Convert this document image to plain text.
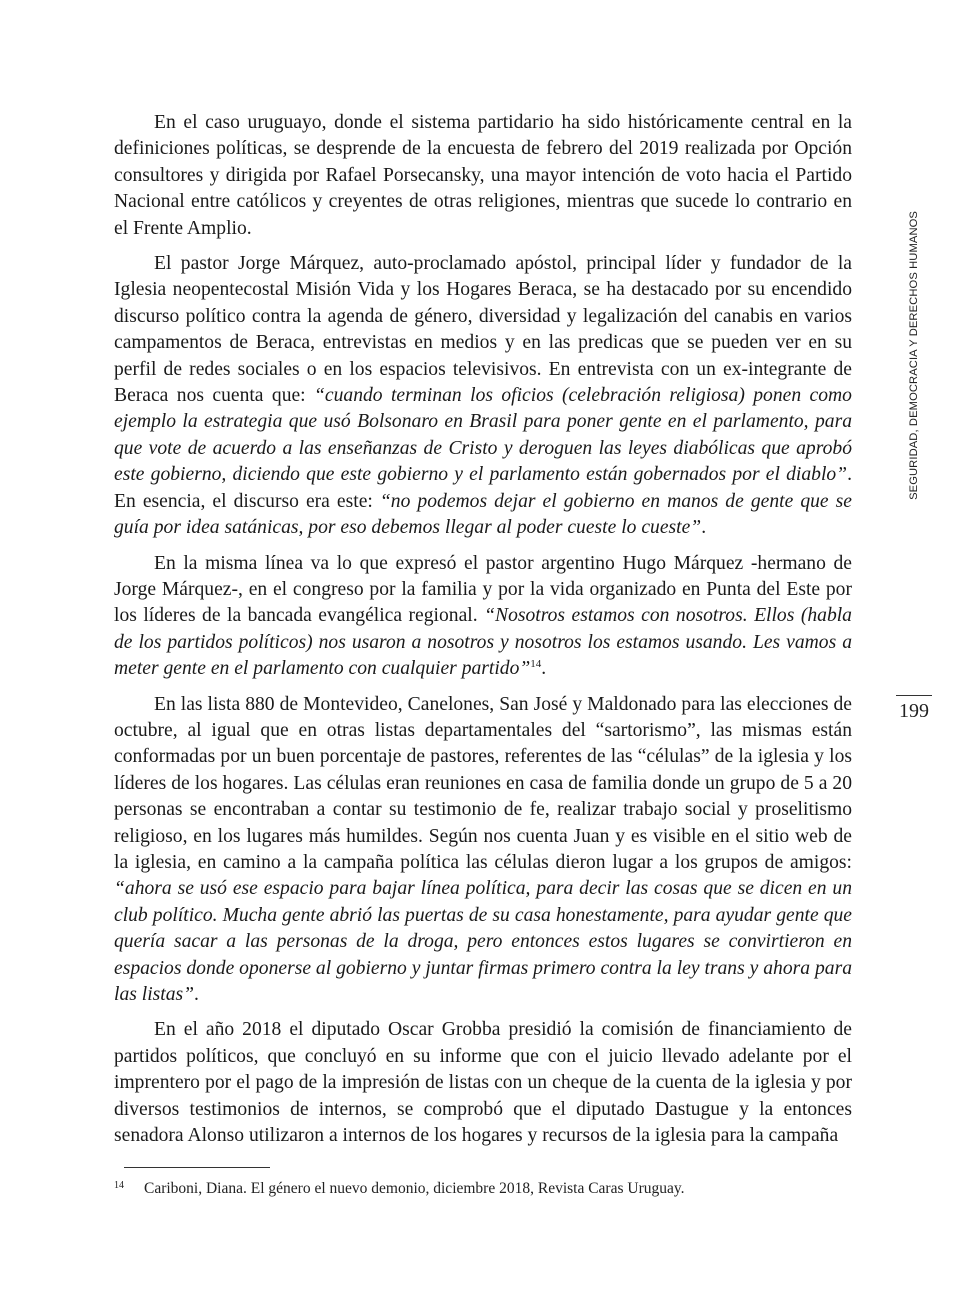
En el caso uruguayo, donde el sistema partidario ha sido históricamente central en la definiciones políticas, se desprende de la encuesta de febrero del 2019 realizada por Opción consultores y dirigida por Rafael Porsecansky, una mayor intención de voto hacia el Partido Nacional entre católicos y creyentes de otras religiones, mientras que sucede lo contrario en el Frente Amplio.

El pastor Jorge Márquez, auto-proclamado apóstol, principal líder y fundador de la Iglesia neopentecostal Misión Vida y los Hogares Beraca, se ha destacado por su encendido discurso político contra la agenda de género, diversidad y legalización del canabis en varios campamentos de Beraca, entrevistas en medios y en las predicas que se pueden ver en su perfil de redes sociales o en los espacios televisivos. En entrevista con un ex-integrante de Beraca nos cuenta que: “cuando terminan los oficios (celebración religiosa) ponen como ejemplo la estrategia que usó Bolsonaro en Brasil para poner gente en el parlamento, para que vote de acuerdo a las enseñanzas de Cristo y deroguen las leyes diabólicas que aprobó este gobierno, diciendo que este gobierno y el parlamento están gobernados por el diablo”. En esencia, el discurso era este: “no podemos dejar el gobierno en manos de gente que se guía por idea satánicas, por eso debemos llegar al poder cueste lo cueste”.

En la misma línea va lo que expresó el pastor argentino Hugo Márquez -hermano de Jorge Márquez-, en el congreso por la familia y por la vida organizado en Punta del Este por los líderes de la bancada evangélica regional. “Nosotros estamos con nosotros. Ellos (habla de los partidos políticos) nos usaron a nosotros y nosotros los estamos usando. Les vamos a meter gente en el parlamento con cualquier partido”$^{14}$.

En las lista 880 de Montevideo, Canelones, San José y Maldonado para las elecciones de octubre, al igual que en otras listas departamentales del “sartorismo”, las mismas están conformadas por un buen porcentaje de pastores, referentes de las “células” de la iglesia y los líderes de los hogares. Las células eran reuniones en casa de familia donde un grupo de 5 a 20 personas se encontraban a contar su testimonio de fe, realizar trabajo social y proselitismo religioso, en los lugares más humildes. Según nos cuenta Juan y es visible en el sitio web de la iglesia, en camino a la campaña política las células dieron lugar a los grupos de amigos: “ahora se usó ese espacio para bajar línea política, para decir las cosas que se dicen en un club político. Mucha gente abrió las puertas de su casa honestamente, para ayudar gente que quería sacar a las personas de la droga, pero entonces estos lugares se convirtieron en espacios donde oponerse al gobierno y juntar firmas primero contra la ley trans y ahora para las listas”.

En el año 2018 el diputado Oscar Grobba presidió la comisión de financiamiento de partidos políticos, que concluyó en su informe que con el juicio llevado adelante por el imprentero por el pago de la impresión de listas con un cheque de la cuenta de la iglesia y por diversos testimonios de internos, se comprobó que el diputado Dastugue y la entonces senadora Alonso utilizaron a internos de los hogares y recursos de la iglesia para la campaña

SEGURIDAD, DEMOCRACIA Y DERECHOS HUMANOS
199
14 Cariboni, Diana. El género el nuevo demonio, diciembre 2018, Revista Caras Uruguay.
